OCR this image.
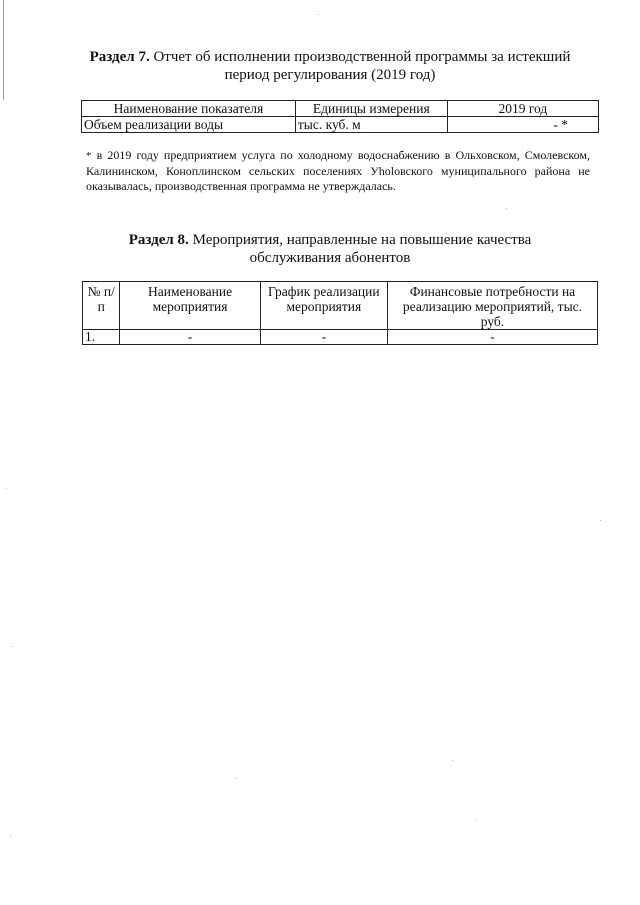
Раздел 7. Отчет об исполнении производственной программы за истекший период регулирования (2019 год)
Наименование показателя	Единицы измерения	2019 год
Объем реализации воды	тыс. куб. м	- *
* в 2019 году предприятием услуга по холодному водоснабжению в Ольховском, Смолевском, Калининском, Коноплинском сельских поселениях Уholовского муниципального района не оказывалась, производственная программа не утверждалась.
Раздел 8. Мероприятия, направленные на повышение качества обслуживания абонентов
№ п/п	Наименование мероприятия	График реализации мероприятия	Финансовые потребности на реализацию мероприятий, тыс. руб.
1.	-	-	-
